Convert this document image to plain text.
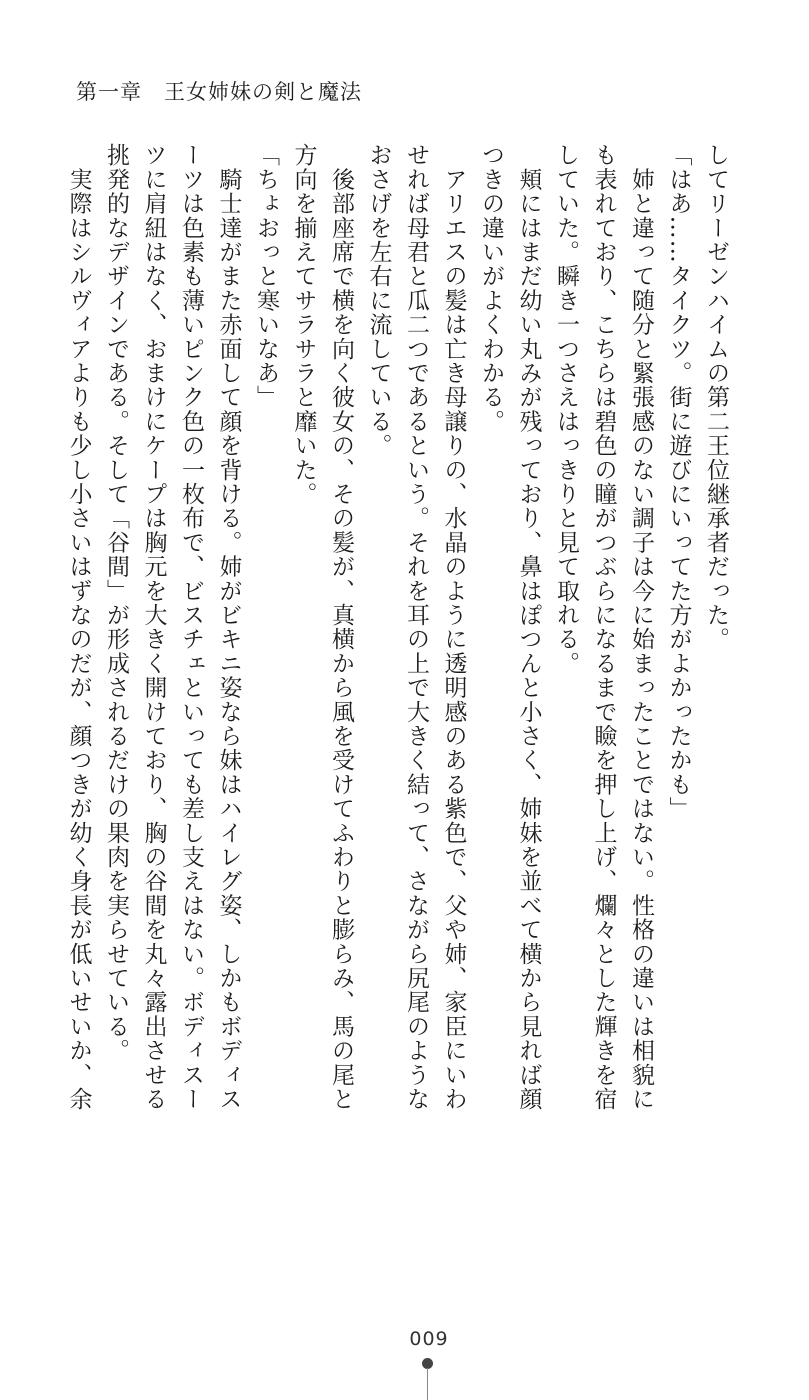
第一章　王女姉妹の剣と魔法
してリーゼンハイムの第二王位継承者だった。
「はあ……タイクツ。街に遊びにいってた方がよかったかも」
　姉と違って随分と緊張感のない調子は今に始まったことではない。性格の違いは相貌に
も表れており、こちらは碧色の瞳がつぶらになるまで瞼を押し上げ、爛々とした輝きを宿
していた。瞬き一つさえはっきりと見て取れる。
　頬にはまだ幼い丸みが残っており、鼻はぽつんと小さく、姉妹を並べて横から見れば顔
つきの違いがよくわかる。
　アリエスの髪は亡き母譲りの、水晶のように透明感のある紫色で、父や姉、家臣にいわ
せれば母君と瓜二つであるという。それを耳の上で大きく結って、さながら尻尾のような
おさげを左右に流している。
　後部座席で横を向く彼女の、その髪が、真横から風を受けてふわりと膨らみ、馬の尾と
方向を揃えてサラサラと靡いた。
「ちょおっと寒いなあ」
　騎士達がまた赤面して顔を背ける。姉がビキニ姿なら妹はハイレグ姿、しかもボディス
ーツは色素も薄いピンク色の一枚布で、ビスチェといっても差し支えはない。ボディスー
ツに肩紐はなく、おまけにケープは胸元を大きく開けており、胸の谷間を丸々露出させる
挑発的なデザインである。そして「谷間」が形成されるだけの果肉を実らせている。
　実際はシルヴィアよりも少し小さいはずなのだが、顔つきが幼く身長が低いせいか、余
009
